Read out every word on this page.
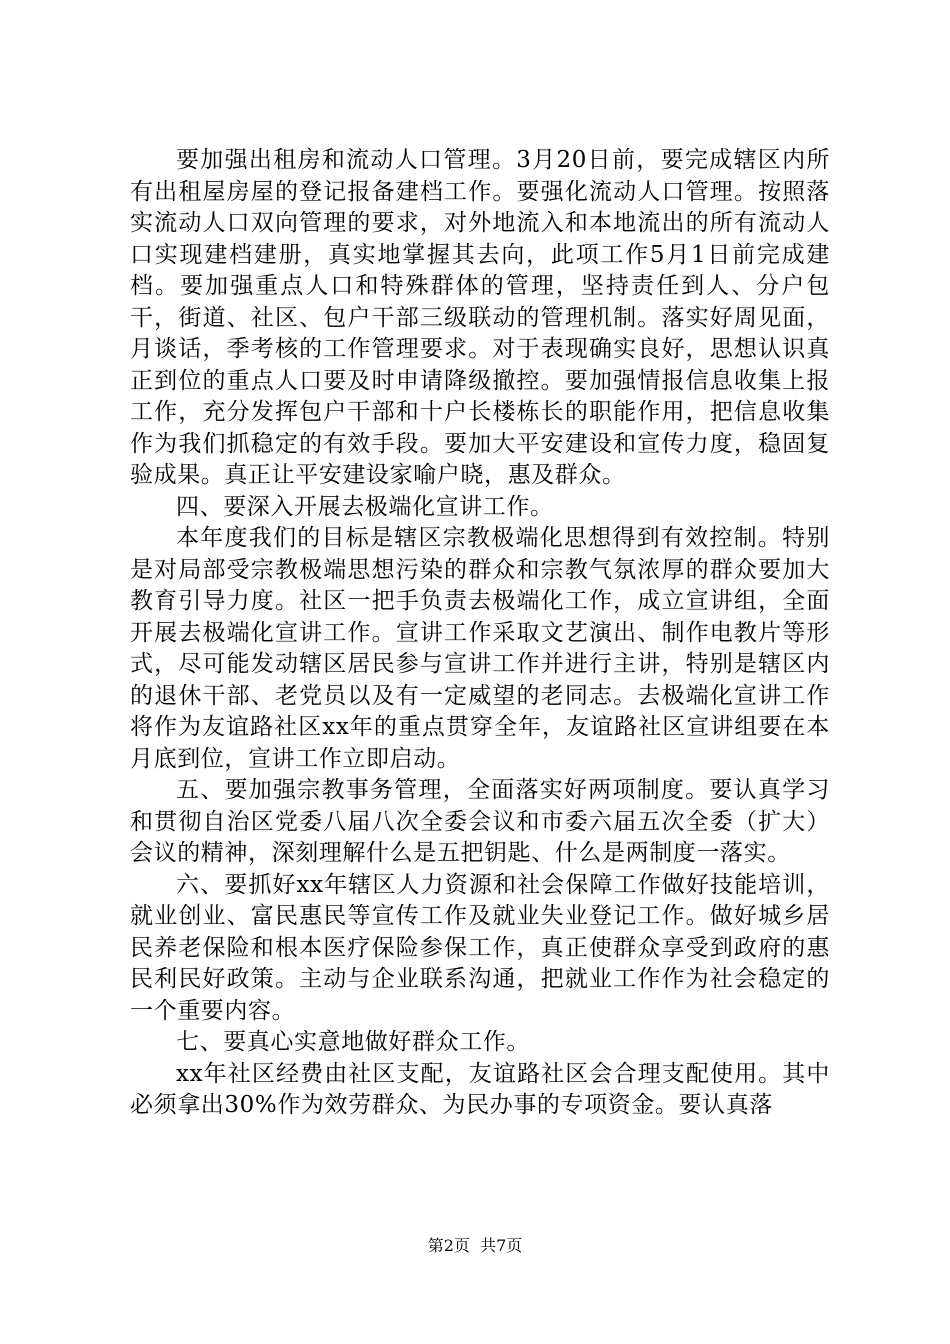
要加强出租房和流动人口管理。3月20日前，要完成辖区内所有出租屋房屋的登记报备建档工作。要强化流动人口管理。按照落实流动人口双向管理的要求，对外地流入和本地流出的所有流动人口实现建档建册，真实地掌握其去向，此项工作5月1日前完成建档。要加强重点人口和特殊群体的管理，坚持责任到人、分户包干，街道、社区、包户干部三级联动的管理机制。落实好周见面，月谈话，季考核的工作管理要求。对于表现确实良好，思想认识真正到位的重点人口要及时申请降级撤控。要加强情报信息收集上报工作，充分发挥包户干部和十户长楼栋长的职能作用，把信息收集作为我们抓稳定的有效手段。要加大平安建设和宣传力度，稳固复验成果。真正让平安建设家喻户晓，惠及群众。

四、要深入开展去极端化宣讲工作。

本年度我们的目标是辖区宗教极端化思想得到有效控制。特别是对局部受宗教极端思想污染的群众和宗教气氛浓厚的群众要加大教育引导力度。社区一把手负责去极端化工作，成立宣讲组，全面开展去极端化宣讲工作。宣讲工作采取文艺演出、制作电教片等形式，尽可能发动辖区居民参与宣讲工作并进行主讲，特别是辖区内的退休干部、老党员以及有一定威望的老同志。去极端化宣讲工作将作为友谊路社区xx年的重点贯穿全年，友谊路社区宣讲组要在本月底到位，宣讲工作立即启动。

五、要加强宗教事务管理，全面落实好两项制度。要认真学习和贯彻自治区党委八届八次全委会议和市委六届五次全委（扩大）会议的精神，深刻理解什么是五把钥匙、什么是两制度一落实。

六、要抓好xx年辖区人力资源和社会保障工作做好技能培训，就业创业、富民惠民等宣传工作及就业失业登记工作。做好城乡居民养老保险和根本医疗保险参保工作，真正使群众享受到政府的惠民利民好政策。主动与企业联系沟通，把就业工作作为社会稳定的一个重要内容。

七、要真心实意地做好群众工作。

xx年社区经费由社区支配，友谊路社区会合理支配使用。其中必须拿出30%作为效劳群众、为民办事的专项资金。要认真落

第2页 共7页
